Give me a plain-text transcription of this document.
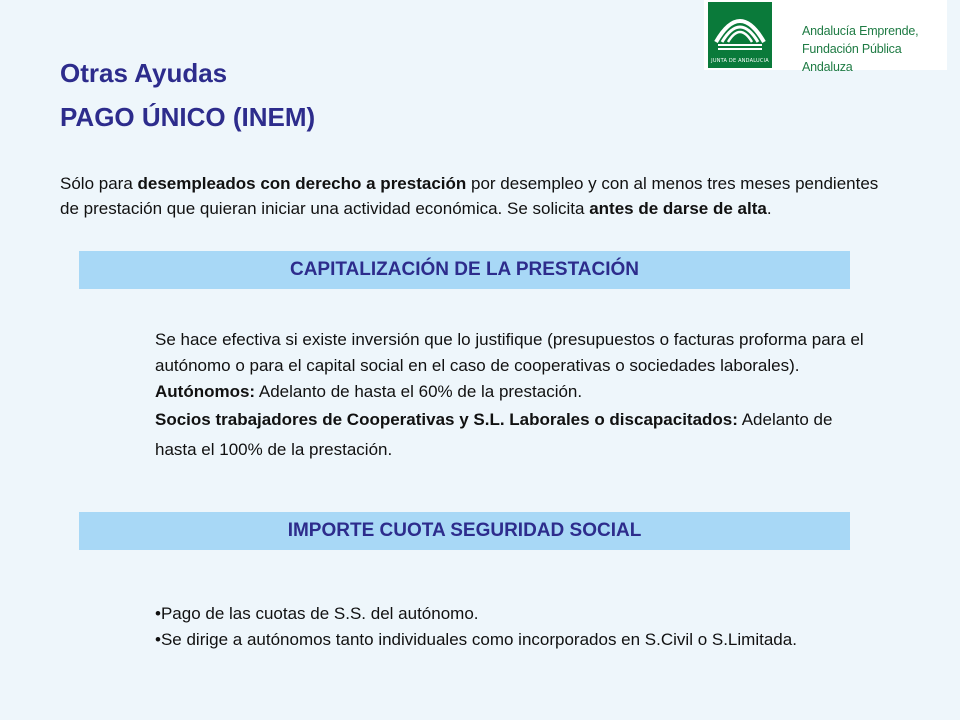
JUNTA DE ANDALUCIA
Andalucía Emprende,
Fundación Pública Andaluza
Otras Ayudas
PAGO ÚNICO (INEM)

Sólo para desempleados con derecho a prestación por desempleo y con al menos tres meses pendientes de prestación que quieran iniciar una actividad económica. Se solicita antes de darse de alta.

CAPITALIZACIÓN DE LA PRESTACIÓN

Se hace efectiva si existe inversión que lo justifique (presupuestos o facturas proforma para el autónomo o para el capital social en el caso de cooperativas o sociedades laborales).

Autónomos: Adelanto de hasta el 60% de la prestación.

Socios trabajadores de Cooperativas y S.L. Laborales o discapacitados: Adelanto de hasta el 100% de la prestación.

IMPORTE CUOTA SEGURIDAD SOCIAL

•Pago de las cuotas de S.S. del autónomo.

•Se dirige a autónomos tanto individuales como incorporados en S.Civil o S.Limitada.
